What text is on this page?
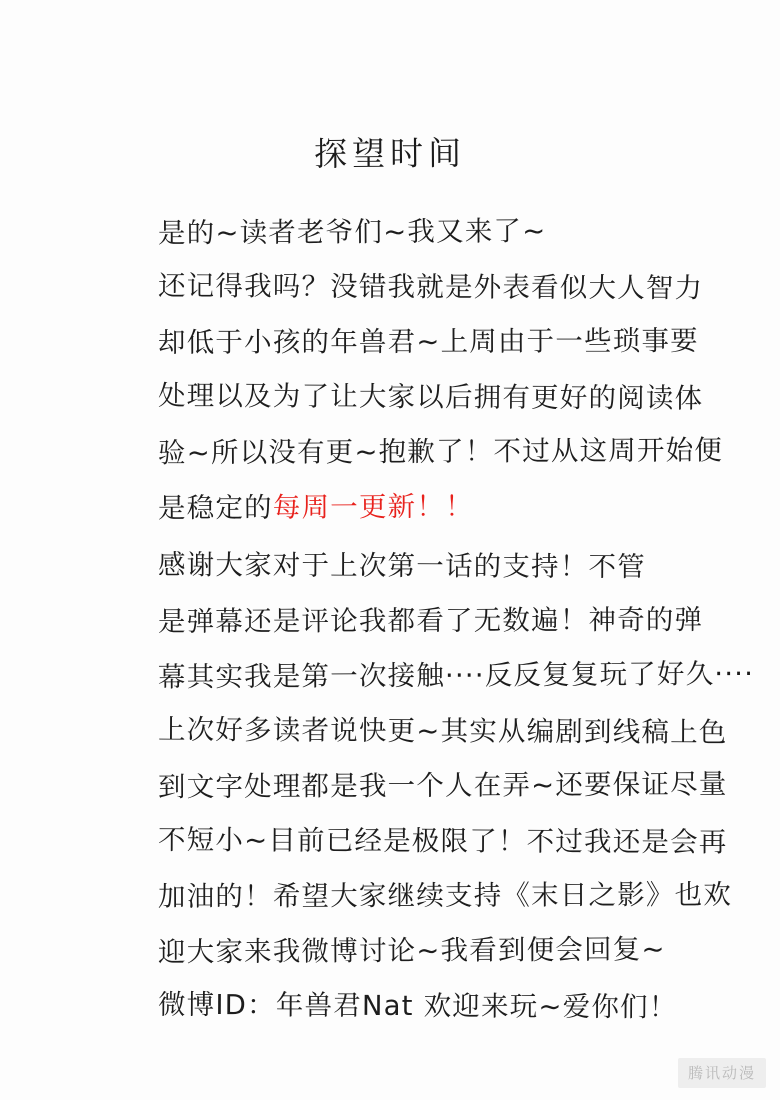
探望时间

是的~读者老爷们~我又来了~
还记得我吗？没错我就是外表看似大人智力
却低于小孩的年兽君~上周由于一些琐事要
处理以及为了让大家以后拥有更好的阅读体
验~所以没有更~抱歉了！不过从这周开始便
是稳定的每周一更新！！

感谢大家对于上次第一话的支持！不管
是弹幕还是评论我都看了无数遍！神奇的弹
幕其实我是第一次接触····反反复复玩了好久····
上次好多读者说快更~其实从编剧到线稿上色
到文字处理都是我一个人在弄~还要保证尽量
不短小~目前已经是极限了！不过我还是会再
加油的！希望大家继续支持《末日之影》也欢
迎大家来我微博讨论~我看到便会回复~
微博ID：年兽君Nat 欢迎来玩~爱你们！

腾讯动漫
